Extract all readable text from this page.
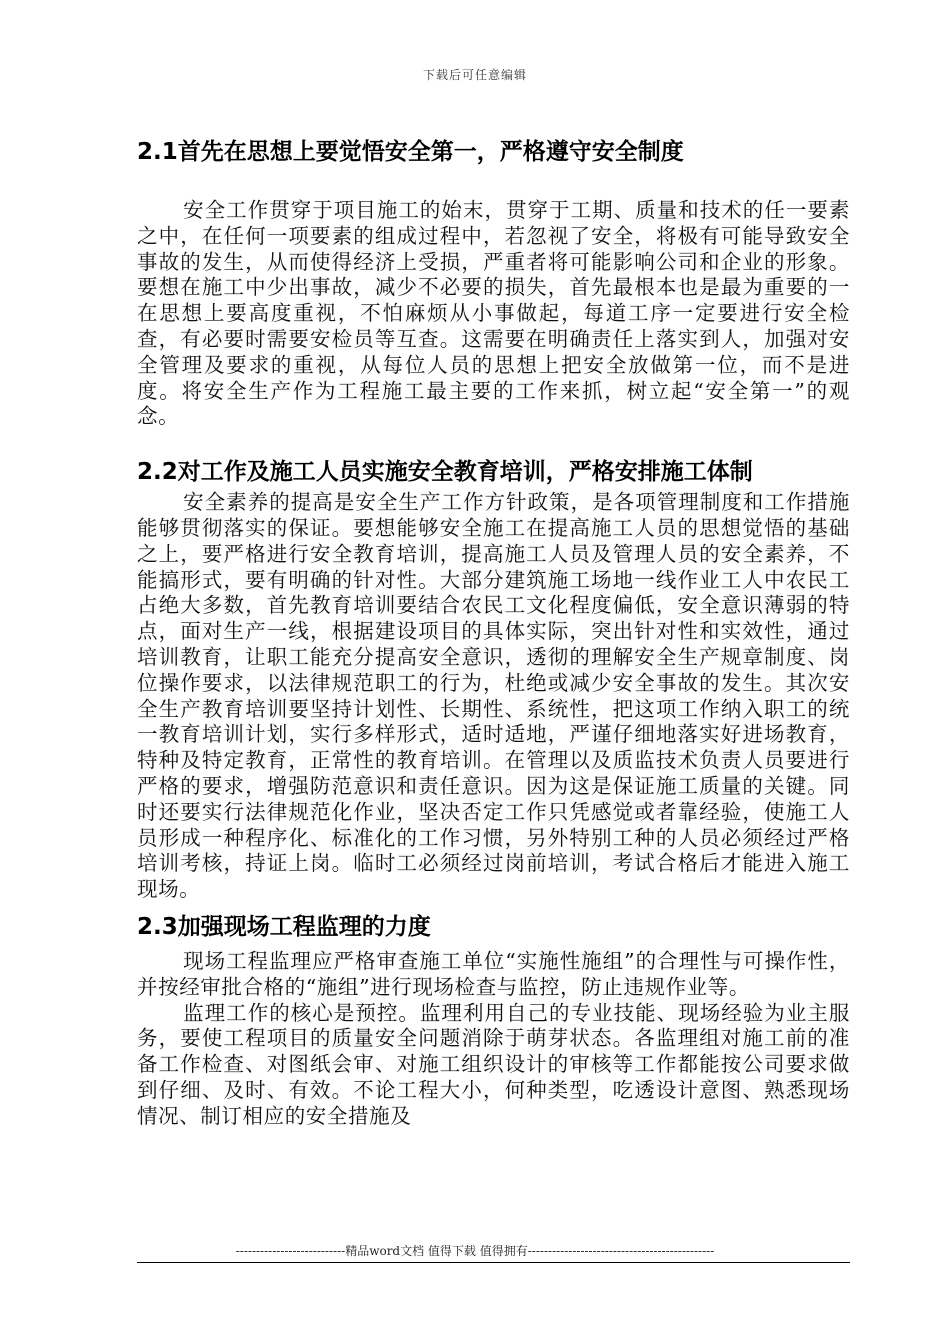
下载后可任意编辑
2.1首先在思想上要觉悟安全第一，严格遵守安全制度

安全工作贯穿于项目施工的始末，贯穿于工期、质量和技术的任一要素之中，在任何一项要素的组成过程中，若忽视了安全，将极有可能导致安全事故的发生，从而使得经济上受损，严重者将可能影响公司和企业的形象。要想在施工中少出事故，减少不必要的损失，首先最根本也是最为重要的一在思想上要高度重视，不怕麻烦从小事做起，每道工序一定要进行安全检查，有必要时需要安检员等互查。这需要在明确责任上落实到人，加强对安全管理及要求的重视，从每位人员的思想上把安全放做第一位，而不是进度。将安全生产作为工程施工最主要的工作来抓，树立起“安全第一”的观念。

2.2对工作及施工人员实施安全教育培训，严格安排施工体制

安全素养的提高是安全生产工作方针政策，是各项管理制度和工作措施能够贯彻落实的保证。要想能够安全施工在提高施工人员的思想觉悟的基础之上，要严格进行安全教育培训，提高施工人员及管理人员的安全素养，不能搞形式，要有明确的针对性。大部分建筑施工场地一线作业工人中农民工占绝大多数，首先教育培训要结合农民工文化程度偏低，安全意识薄弱的特点，面对生产一线，根据建设项目的具体实际，突出针对性和实效性，通过培训教育，让职工能充分提高安全意识，透彻的理解安全生产规章制度、岗位操作要求，以法律规范职工的行为，杜绝或减少安全事故的发生。其次安全生产教育培训要坚持计划性、长期性、系统性，把这项工作纳入职工的统一教育培训计划，实行多样形式，适时适地，严谨仔细地落实好进场教育，特种及特定教育，正常性的教育培训。在管理以及质监技术负责人员要进行严格的要求，增强防范意识和责任意识。因为这是保证施工质量的关键。同时还要实行法律规范化作业，坚决否定工作只凭感觉或者靠经验，使施工人员形成一种程序化、标准化的工作习惯，另外特别工种的人员必须经过严格培训考核，持证上岗。临时工必须经过岗前培训，考试合格后才能进入施工现场。

2.3加强现场工程监理的力度

现场工程监理应严格审查施工单位“实施性施组”的合理性与可操作性，并按经审批合格的“施组”进行现场检查与监控，防止违规作业等。

监理工作的核心是预控。监理利用自己的专业技能、现场经验为业主服务，要使工程项目的质量安全问题消除于萌芽状态。各监理组对施工前的准备工作检查、对图纸会审、对施工组织设计的审核等工作都能按公司要求做到仔细、及时、有效。不论工程大小，何种类型，吃透设计意图、熟悉现场情况、制订相应的安全措施及

---------------------------精品word文档 值得下载 值得拥有----------------------------------------------
